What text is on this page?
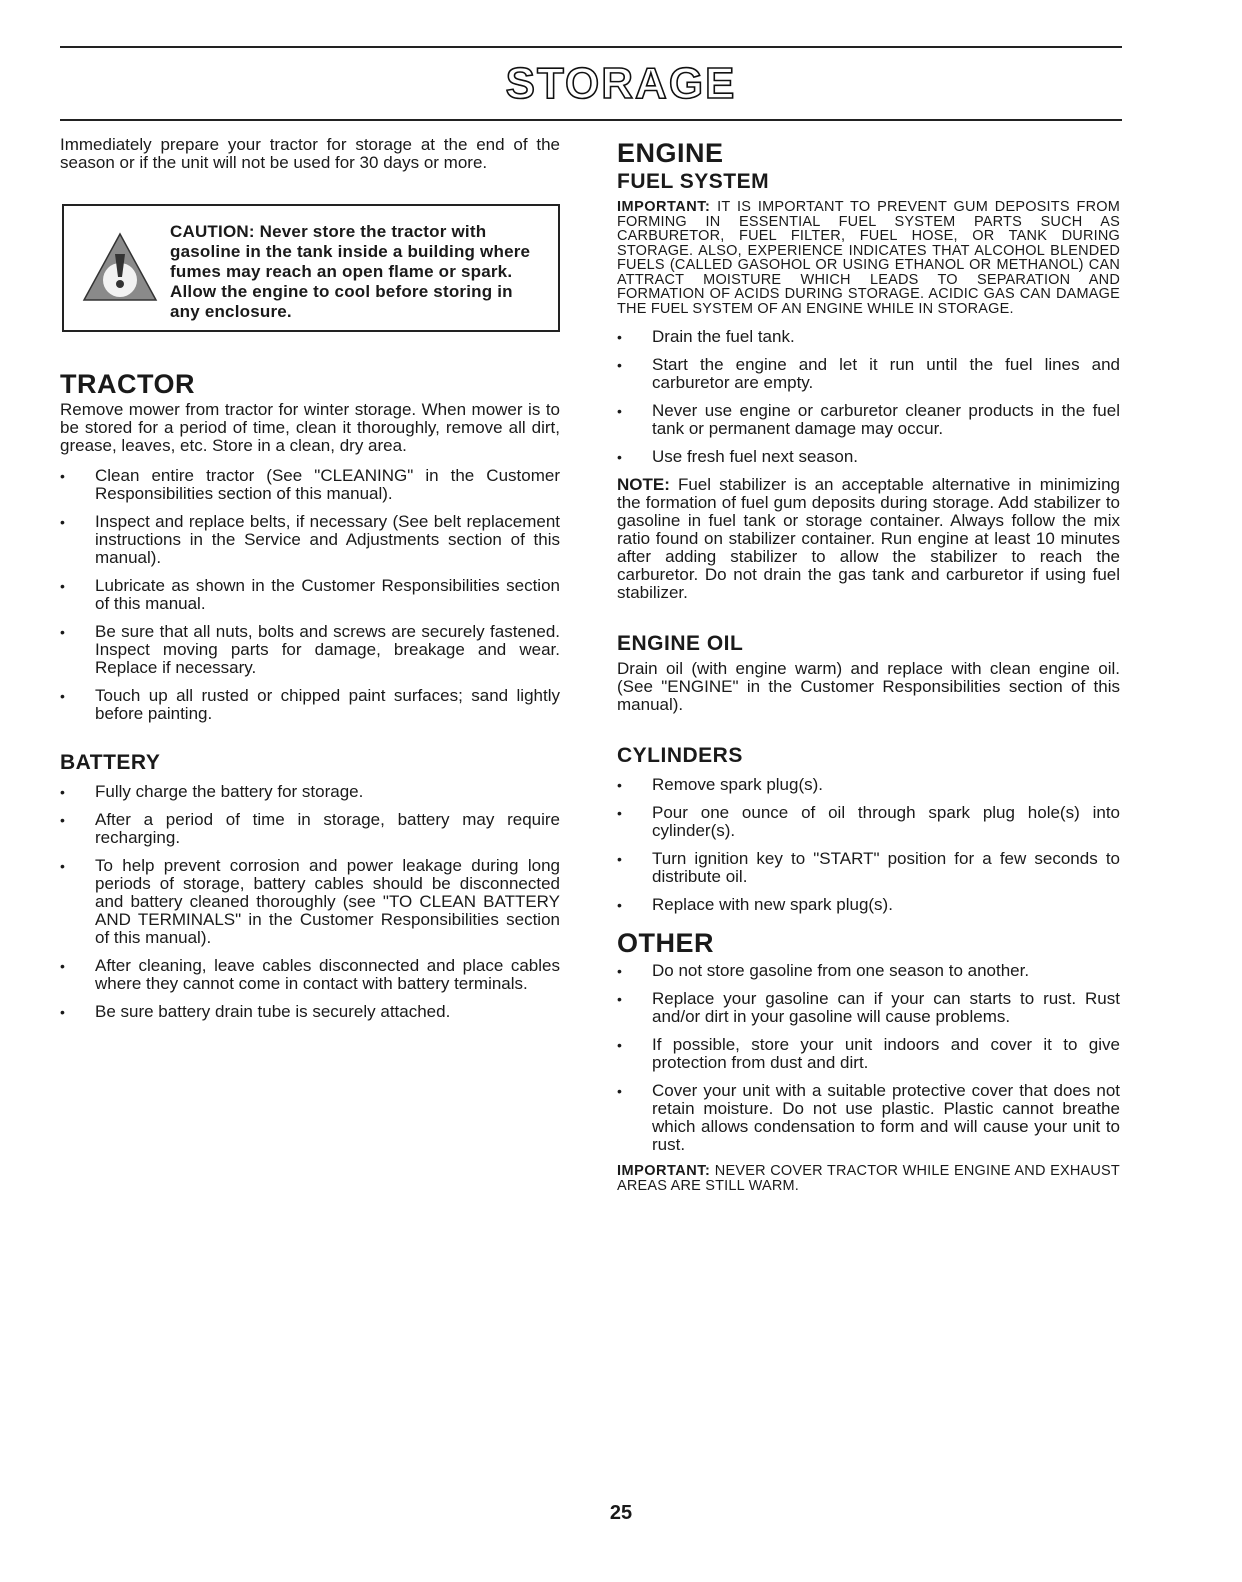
STORAGE

Immediately prepare your tractor for storage at the end of the season or if the unit will not be used for 30 days or more.

CAUTION: Never store the tractor with gasoline in the tank inside a building where fumes may reach an open flame or spark. Allow the engine to cool before storing in any enclosure.
TRACTOR

Remove mower from tractor for winter storage. When mower is to be stored for a period of time, clean it thoroughly, remove all dirt, grease, leaves, etc. Store in a clean, dry area.

• Clean entire tractor (See "CLEANING" in the Customer Responsibilities section of this manual).
• Inspect and replace belts, if necessary (See belt replacement instructions in the Service and Adjustments section of this manual).
• Lubricate as shown in the Customer Responsibilities section of this manual.
• Be sure that all nuts, bolts and screws are securely fastened. Inspect moving parts for damage, breakage and wear. Replace if necessary.
• Touch up all rusted or chipped paint surfaces; sand lightly before painting.
BATTERY
• Fully charge the battery for storage.
• After a period of time in storage, battery may require recharging.
• To help prevent corrosion and power leakage during long periods of storage, battery cables should be disconnected and battery cleaned thoroughly (see "TO CLEAN BATTERY AND TERMINALS" in the Customer Responsibilities section of this manual).
• After cleaning, leave cables disconnected and place cables where they cannot come in contact with battery terminals.
• Be sure battery drain tube is securely attached.
ENGINE
FUEL SYSTEM

IMPORTANT: IT IS IMPORTANT TO PREVENT GUM DEPOSITS FROM FORMING IN ESSENTIAL FUEL SYSTEM PARTS SUCH AS CARBURETOR, FUEL FILTER, FUEL HOSE, OR TANK DURING STORAGE. ALSO, EXPERIENCE INDICATES THAT ALCOHOL BLENDED FUELS (CALLED GASOHOL OR USING ETHANOL OR METHANOL) CAN ATTRACT MOISTURE WHICH LEADS TO SEPARATION AND FORMATION OF ACIDS DURING STORAGE. ACIDIC GAS CAN DAMAGE THE FUEL SYSTEM OF AN ENGINE WHILE IN STORAGE.

• Drain the fuel tank.
• Start the engine and let it run until the fuel lines and carburetor are empty.
• Never use engine or carburetor cleaner products in the fuel tank or permanent damage may occur.
• Use fresh fuel next season.

NOTE: Fuel stabilizer is an acceptable alternative in minimizing the formation of fuel gum deposits during storage. Add stabilizer to gasoline in fuel tank or storage container. Always follow the mix ratio found on stabilizer container. Run engine at least 10 minutes after adding stabilizer to allow the stabilizer to reach the carburetor. Do not drain the gas tank and carburetor if using fuel stabilizer.

ENGINE OIL

Drain oil (with engine warm) and replace with clean engine oil. (See "ENGINE" in the Customer Responsibilities section of this manual).

CYLINDERS
• Remove spark plug(s).
• Pour one ounce of oil through spark plug hole(s) into cylinder(s).
• Turn ignition key to "START" position for a few seconds to distribute oil.
• Replace with new spark plug(s).
OTHER
• Do not store gasoline from one season to another.
• Replace your gasoline can if your can starts to rust. Rust and/or dirt in your gasoline will cause problems.
• If possible, store your unit indoors and cover it to give protection from dust and dirt.
• Cover your unit with a suitable protective cover that does not retain moisture. Do not use plastic. Plastic cannot breathe which allows condensation to form and will cause your unit to rust.

IMPORTANT: NEVER COVER TRACTOR WHILE ENGINE AND EXHAUST AREAS ARE STILL WARM.

25
